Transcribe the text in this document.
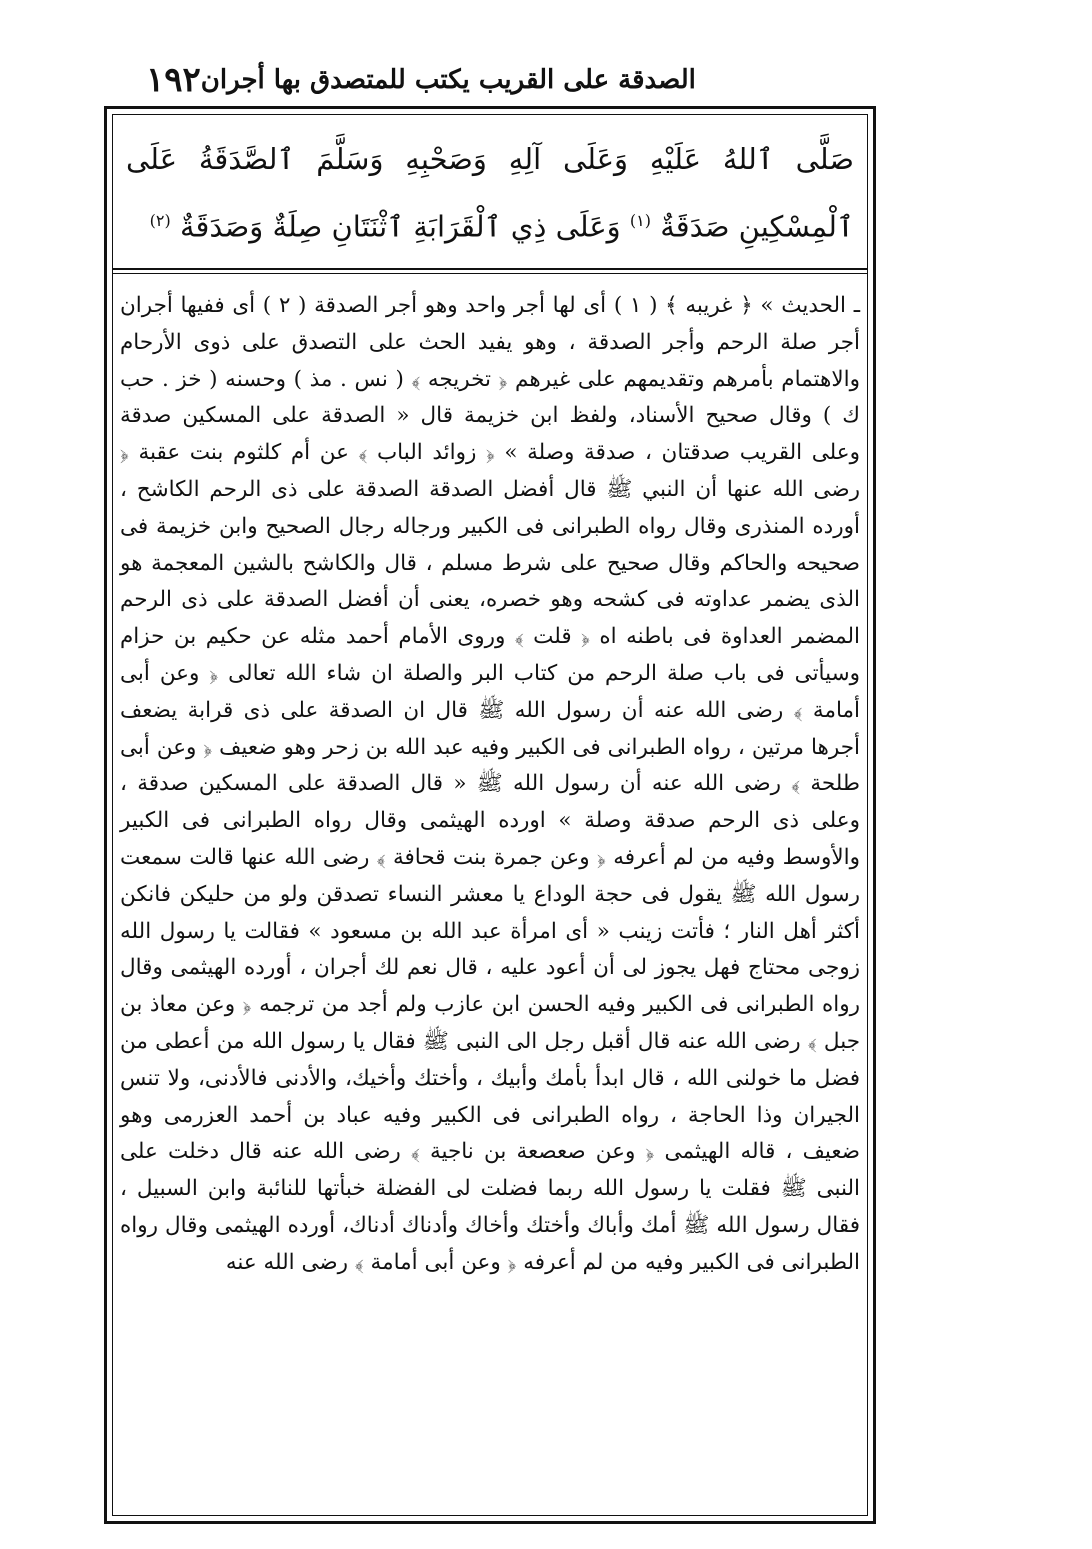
١٩٢ الصدقة على القريب يكتب للمتصدق بها أجران
صَلَّى ٱللهُ عَلَيْهِ وَعَلَى آلِهِ وَصَحْبِهِ وَسَلَّمَ ٱلصَّدَقَةُ عَلَى ٱلْمِسْكِينِ صَدَقَةٌ $^{(١)}$ وَعَلَى ذِي ٱلْقَرَابَةِ ٱثْنَتَانِ صِلَةٌ وَصَدَقَةٌ $^{(٢)}$

ـ الحديث » ﴿ غريبه ﴾ ( ١ ) أى لها أجر واحد وهو أجر الصدقة ( ٢ ) أى ففيها أجران أجر صلة الرحم وأجر الصدقة ، وهو يفيد الحث على التصدق على ذوى الأرحام والاهتمام بأمرهم وتقديمهم على غيرهم ﴿ تخريجه ﴾ ( نس . مذ ) وحسنه ( خز . حب ك ) وقال صحيح الأسناد، ولفظ ابن خزيمة قال « الصدقة على المسكين صدقة وعلى القريب صدقتان ، صدقة وصلة » ﴿ زوائد الباب ﴾ عن أم كلثوم بنت عقبة ﴿ رضى الله عنها أن النبي ﷺ قال أفضل الصدقة الصدقة على ذى الرحم الكاشح ، أورده المنذرى وقال رواه الطبرانى فى الكبير ورجاله رجال الصحيح وابن خزيمة فى صحيحه والحاكم وقال صحيح على شرط مسلم ، قال والكاشح بالشين المعجمة هو الذى يضمر عداوته فى كشحه وهو خصره، يعنى أن أفضل الصدقة على ذى الرحم المضمر العداوة فى باطنه اه ﴿ قلت ﴾ وروى الأمام أحمد مثله عن حكيم بن حزام وسيأتى فى باب صلة الرحم من كتاب البر والصلة ان شاء الله تعالى ﴿ وعن أبى أمامة ﴾ رضى الله عنه أن رسول الله ﷺ قال ان الصدقة على ذى قرابة يضعف أجرها مرتين ، رواه الطبرانى فى الكبير وفيه عبد الله بن زحر وهو ضعيف ﴿ وعن أبى طلحة ﴾ رضى الله عنه أن رسول الله ﷺ « قال الصدقة على المسكين صدقة ، وعلى ذى الرحم صدقة وصلة » اورده الهيثمى وقال رواه الطبرانى فى الكبير والأوسط وفيه من لم أعرفه ﴿ وعن جمرة بنت قحافة ﴾ رضى الله عنها قالت سمعت رسول الله ﷺ يقول فى حجة الوداع يا معشر النساء تصدقن ولو من حليكن فانكن أكثر أهل النار ؛ فأتت زينب « أى امرأة عبد الله بن مسعود » فقالت يا رسول الله زوجى محتاج فهل يجوز لى أن أعود عليه ، قال نعم لك أجران ، أورده الهيثمى وقال رواه الطبرانى فى الكبير وفيه الحسن ابن عازب ولم أجد من ترجمه ﴿ وعن معاذ بن جبل ﴾ رضى الله عنه قال أقبل رجل الى النبى ﷺ فقال يا رسول الله من أعطى من فضل ما خولنى الله ، قال ابدأ بأمك وأبيك ، وأختك وأخيك، والأدنى فالأدنى، ولا تنس الجيران وذا الحاجة ، رواه الطبرانى فى الكبير وفيه عباد بن أحمد العزرمى وهو ضعيف ، قاله الهيثمى ﴿ وعن صعصعة بن ناجية ﴾ رضى الله عنه قال دخلت على النبى ﷺ فقلت يا رسول الله ربما فضلت لى الفضلة خبأتها للنائبة وابن السبيل ، فقال رسول الله ﷺ أمك وأباك وأختك وأخاك وأدناك أدناك، أورده الهيثمى وقال رواه الطبرانى فى الكبير وفيه من لم أعرفه ﴿ وعن أبى أمامة ﴾ رضى الله عنه
